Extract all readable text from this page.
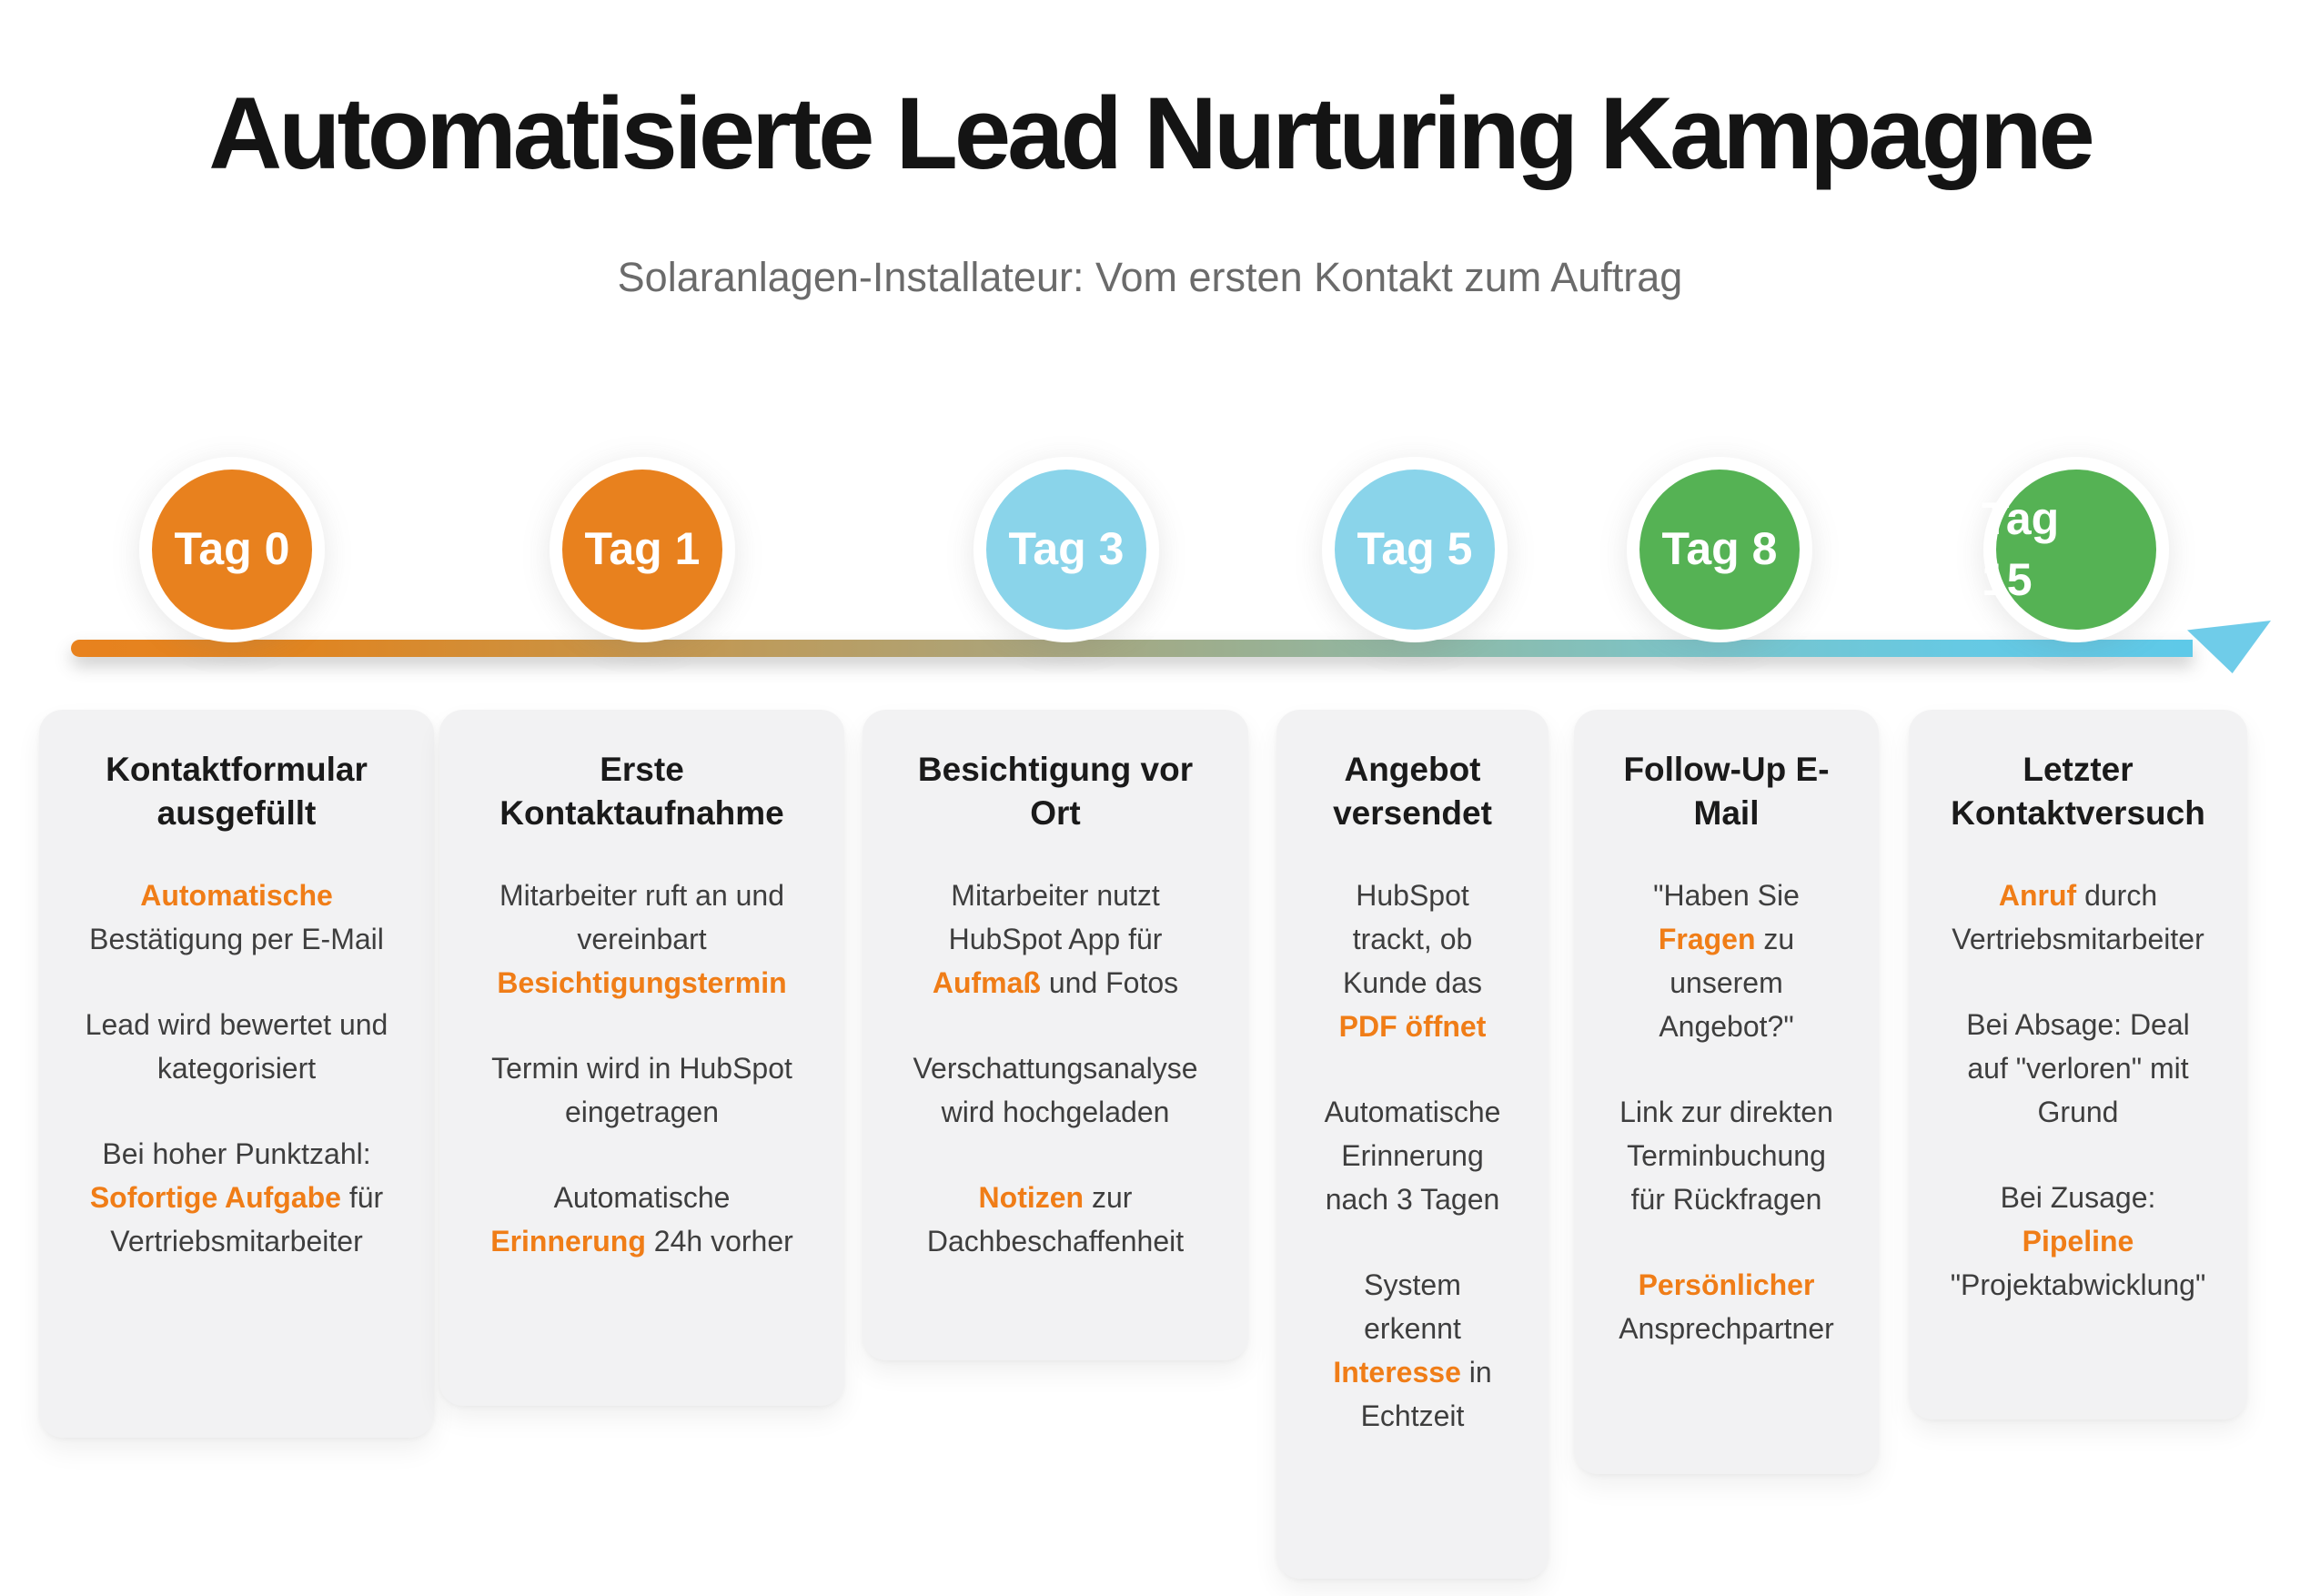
Automatisierte Lead Nurturing Kampagne
Solaranlagen-Installateur: Vom ersten Kontakt zum Auftrag
Tag 0	Tag 1	Tag 3	Tag 5	Tag 8
Tag 15
Kontaktformular ausgefüllt

Automatische Bestätigung per E-Mail

Lead wird bewertet und kategorisiert

Bei hoher Punktzahl: Sofortige Aufgabe für Vertriebsmitarbeiter

Erste Kontaktaufnahme

Mitarbeiter ruft an und vereinbart Besichtigungstermin

Termin wird in HubSpot eingetragen

Automatische Erinnerung 24h vorher

Besichtigung vor Ort

Mitarbeiter nutzt HubSpot App für Aufmaß und Fotos

Verschattungsanalyse wird hochgeladen

Notizen zur Dachbeschaffenheit

Angebot versendet

HubSpot trackt, ob Kunde das PDF öffnet

Automatische Erinnerung nach 3 Tagen

System erkennt Interesse in Echtzeit

Follow-Up E-Mail

"Haben Sie Fragen zu unserem Angebot?"

Link zur direkten Terminbuchung für Rückfragen

Persönlicher Ansprechpartner

Letzter Kontaktversuch

Anruf durch Vertriebsmitarbeiter

Bei Absage: Deal auf "verloren" mit Grund

Bei Zusage: Pipeline "Projektabwicklung"
